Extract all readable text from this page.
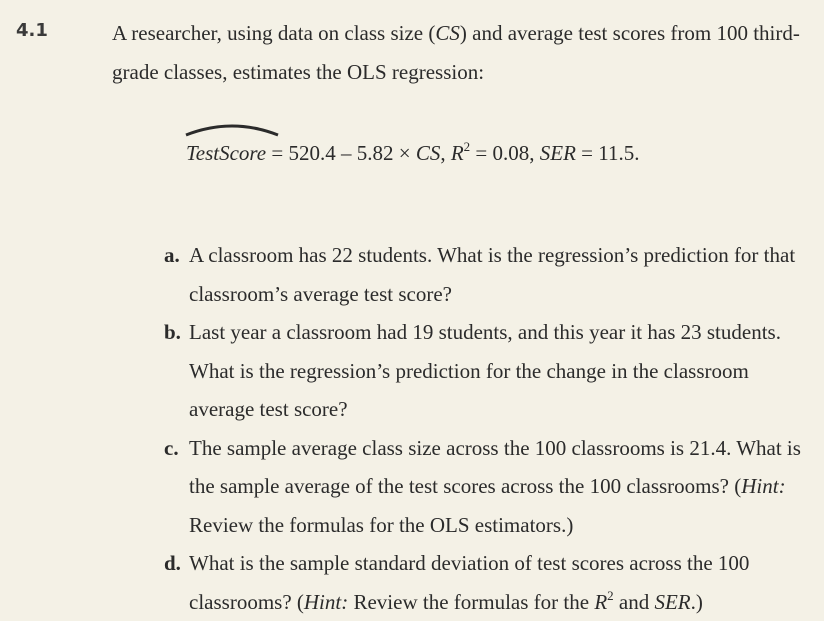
4.1	A researcher, using data on class size (CS) and average test scores from 100 third-grade classes, estimates the OLS regression:
TestScore = 520.4 – 5.82 × CS, $R^2 = 0.08$, SER = 11.5.
a. A classroom has 22 students. What is the regression’s prediction for that classroom’s average test score?
b. Last year a classroom had 19 students, and this year it has 23 students. What is the regression’s prediction for the change in the classroom average test score?
c. The sample average class size across the 100 classrooms is 21.4. What is the sample average of the test scores across the 100 classrooms? (Hint: Review the formulas for the OLS estimators.)
d. What is the sample standard deviation of test scores across the 100 classrooms? (Hint: Review the formulas for the $R^2$ and SER.)
